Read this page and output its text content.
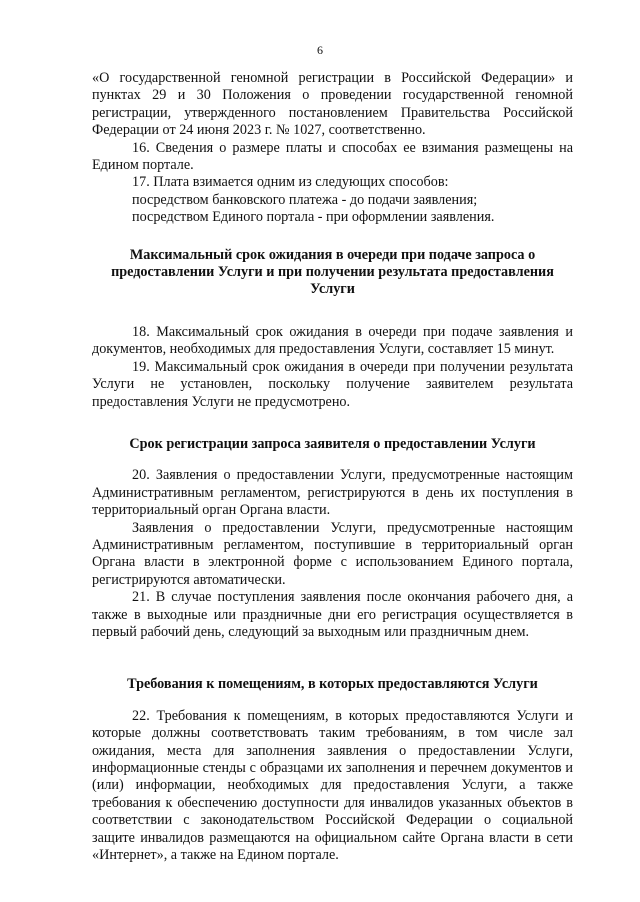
6

«О государственной геномной регистрации в Российской Федерации» и пунктах 29 и 30 Положения о проведении государственной геномной регистрации, утвержденного постановлением Правительства Российской Федерации от 24 июня 2023 г. № 1027, соответственно.

16. Сведения о размере платы и способах ее взимания размещены на Едином портале.

17. Плата взимается одним из следующих способов:

посредством банковского платежа - до подачи заявления;

посредством Единого портала - при оформлении заявления.

Максимальный срок ожидания в очереди при подаче запроса о предоставлении Услуги и при получении результата предоставления Услуги

18. Максимальный срок ожидания в очереди при подаче заявления и документов, необходимых для предоставления Услуги, составляет 15 минут.

19. Максимальный срок ожидания в очереди при получении результата Услуги не установлен, поскольку получение заявителем результата предоставления Услуги не предусмотрено.

Срок регистрации запроса заявителя о предоставлении Услуги

20. Заявления о предоставлении Услуги, предусмотренные настоящим Административным регламентом, регистрируются в день их поступления в территориальный орган Органа власти.

Заявления о предоставлении Услуги, предусмотренные настоящим Административным регламентом, поступившие в территориальный орган Органа власти в электронной форме с использованием Единого портала, регистрируются автоматически.

21. В случае поступления заявления после окончания рабочего дня, а также в выходные или праздничные дни его регистрация осуществляется в первый рабочий день, следующий за выходным или праздничным днем.

Требования к помещениям, в которых предоставляются Услуги

22. Требования к помещениям, в которых предоставляются Услуги и которые должны соответствовать таким требованиям, в том числе зал ожидания, места для заполнения заявления о предоставлении Услуги, информационные стенды с образцами их заполнения и перечнем документов и (или) информации, необходимых для предоставления Услуги, а также требования к обеспечению доступности для инвалидов указанных объектов в соответствии с законодательством Российской Федерации о социальной защите инвалидов размещаются на официальном сайте Органа власти в сети «Интернет», а также на Едином портале.
